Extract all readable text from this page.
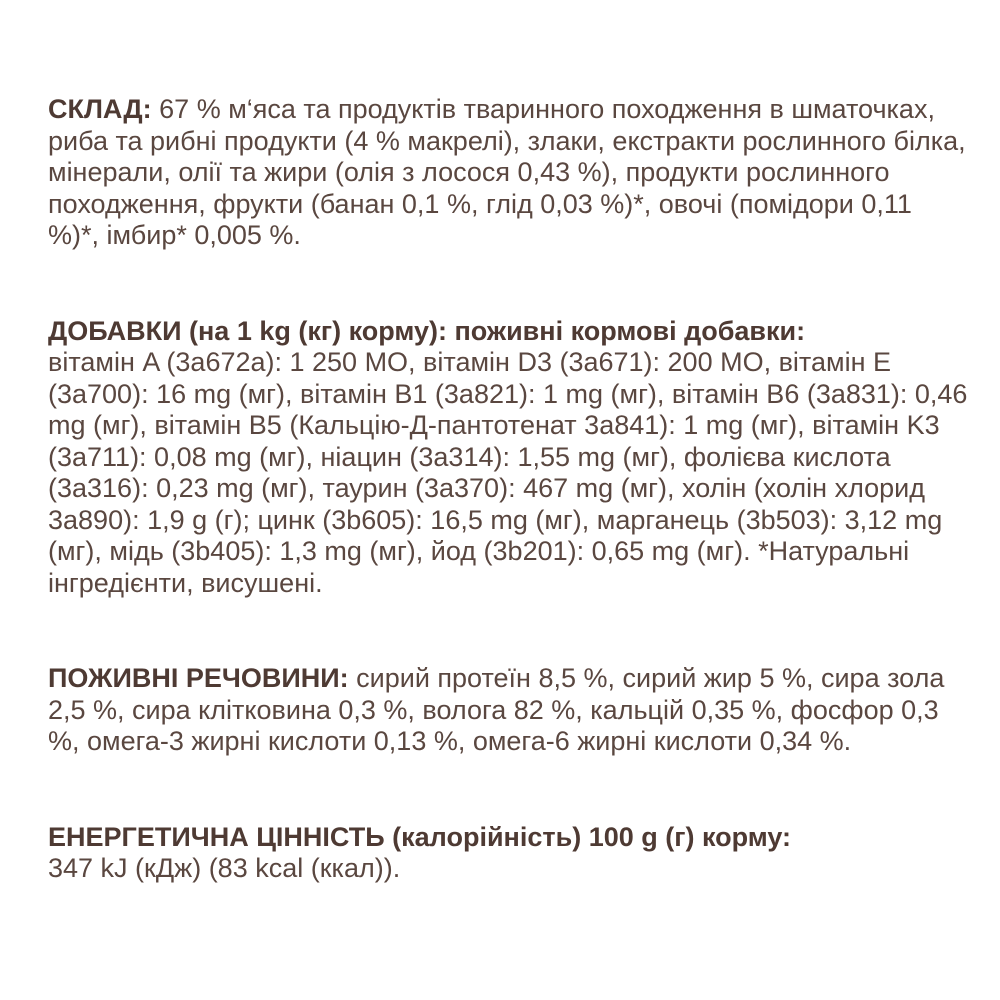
СКЛАД: 67 % м‘яса та продуктів тваринного походження в шматочках, риба та рибні продукти (4 % макрелі), злаки, екстракти рослинного білка, мінерали, олії та жири (олія з лосося 0,43 %), продукти рослинного походження, фрукти (банан 0,1 %, глід 0,03 %)*, овочі (помідори 0,11 %)*, імбир* 0,005 %.

ДОБАВКИ (на 1 kg (кг) корму): поживні кормові добавки:
вітамін A (3a672a): 1 250 МО, вітамін D3 (3a671): 200 МО, вітамін E (3a700): 16 mg (мг), вітамін B1 (3a821): 1 mg (мг), вітамін B6 (3a831): 0,46 mg (мг), вітамін B5 (Кальцію-Д-пантотенат 3a841): 1 mg (мг), вітамін K3 (3a711): 0,08 mg (мг), ніацин (3a314): 1,55 mg (мг), фолієва кислота (3a316): 0,23 mg (мг), таурин (3a370): 467 mg (мг), холін (холін хлорид 3a890): 1,9 g (г); цинк (3b605): 16,5 mg (мг), марганець (3b503): 3,12 mg (мг), мідь (3b405): 1,3 mg (мг), йод (3b201): 0,65 mg (мг). *Натуральні інгредієнти, висушені.

ПОЖИВНІ РЕЧОВИНИ: сирий протеїн 8,5 %, сирий жир 5 %, сира зола 2,5 %, сира клітковина 0,3 %, волога 82 %, кальцій 0,35 %, фосфор 0,3 %, омега-3 жирні кислоти 0,13 %, омега-6 жирні кислоти 0,34 %.

ЕНЕРГЕТИЧНА ЦІННІСТЬ (калорійність) 100 g (г) корму:
347 kJ (кДж) (83 kcal (ккал)).
